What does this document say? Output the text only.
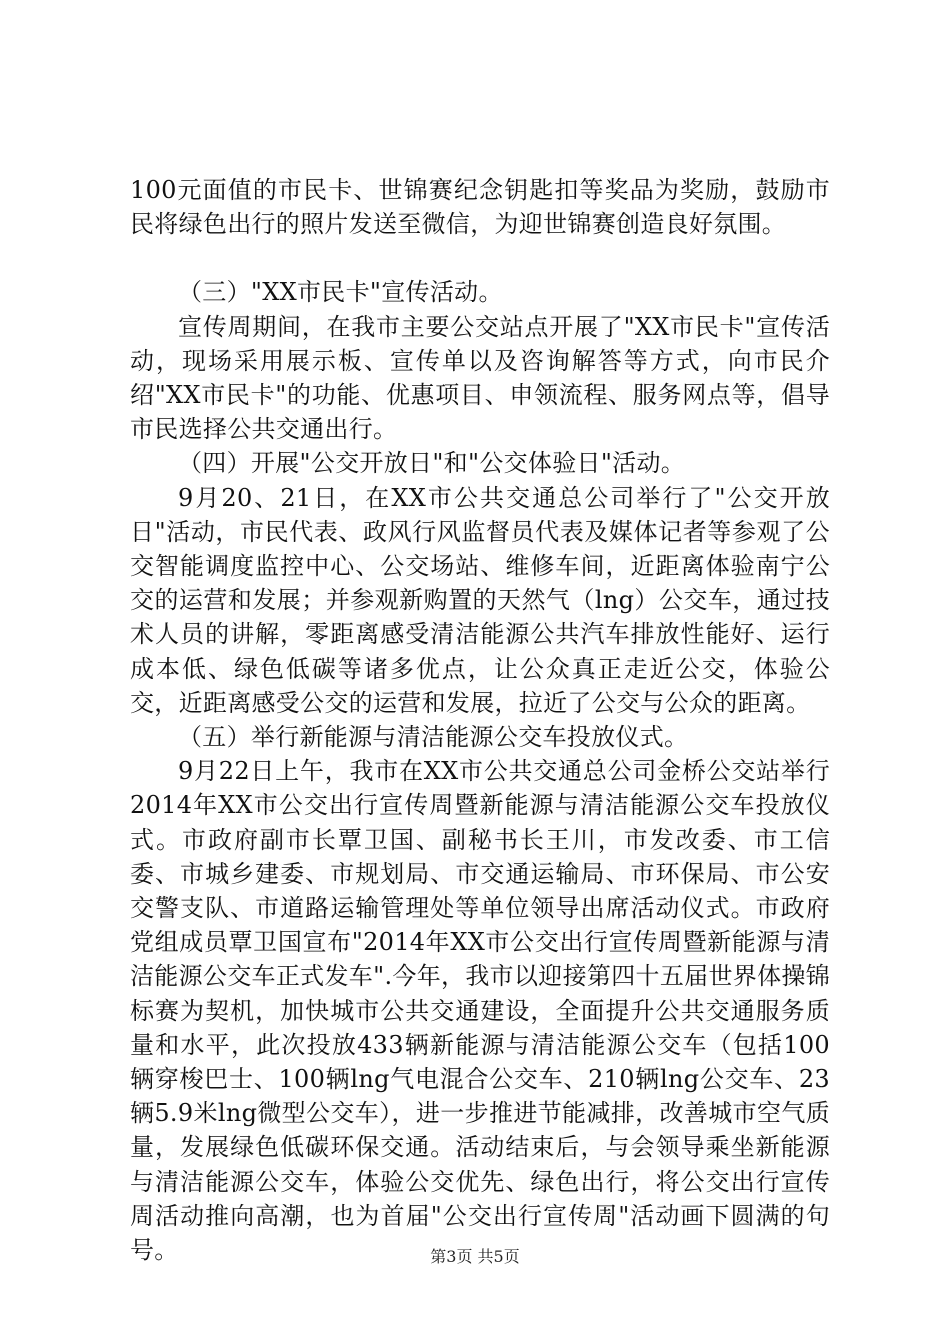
100元面值的市民卡、世锦赛纪念钥匙扣等奖品为奖励，鼓励市民将绿色出行的照片发送至微信，为迎世锦赛创造良好氛围。

（三）"XX市民卡"宣传活动。

宣传周期间，在我市主要公交站点开展了"XX市民卡"宣传活动，现场采用展示板、宣传单以及咨询解答等方式，向市民介绍"XX市民卡"的功能、优惠项目、申领流程、服务网点等，倡导市民选择公共交通出行。

（四）开展"公交开放日"和"公交体验日"活动。

9月20、21日，在XX市公共交通总公司举行了"公交开放日"活动，市民代表、政风行风监督员代表及媒体记者等参观了公交智能调度监控中心、公交场站、维修车间，近距离体验南宁公交的运营和发展；并参观新购置的天然气（lng）公交车，通过技术人员的讲解，零距离感受清洁能源公共汽车排放性能好、运行成本低、绿色低碳等诸多优点，让公众真正走近公交，体验公交，近距离感受公交的运营和发展，拉近了公交与公众的距离。

（五）举行新能源与清洁能源公交车投放仪式。

9月22日上午，我市在XX市公共交通总公司金桥公交站举行2014年XX市公交出行宣传周暨新能源与清洁能源公交车投放仪式。市政府副市长覃卫国、副秘书长王川，市发改委、市工信委、市城乡建委、市规划局、市交通运输局、市环保局、市公安交警支队、市道路运输管理处等单位领导出席活动仪式。市政府党组成员覃卫国宣布"2014年XX市公交出行宣传周暨新能源与清洁能源公交车正式发车".今年，我市以迎接第四十五届世界体操锦标赛为契机，加快城市公共交通建设，全面提升公共交通服务质量和水平，此次投放433辆新能源与清洁能源公交车（包括100辆穿梭巴士、100辆lng气电混合公交车、210辆lng公交车、23辆5.9米lng微型公交车），进一步推进节能减排，改善城市空气质量，发展绿色低碳环保交通。活动结束后，与会领导乘坐新能源与清洁能源公交车，体验公交优先、绿色出行，将公交出行宣传周活动推向高潮，也为首届"公交出行宣传周"活动画下圆满的句号。	第3页 共5页
